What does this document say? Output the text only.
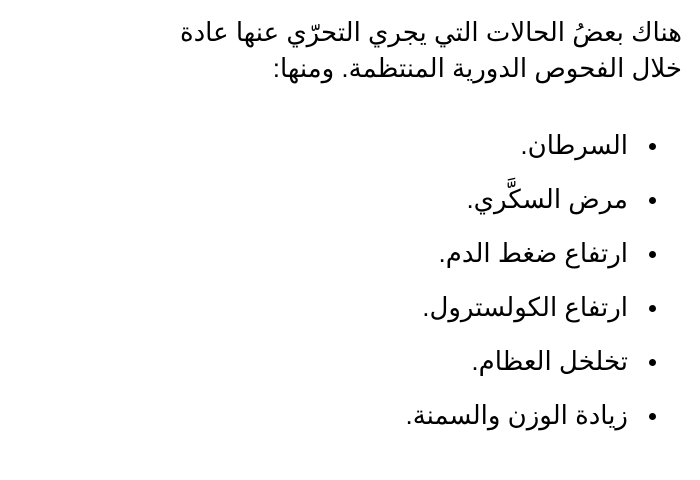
هناك بعضُ الحالات التي يجري التحرّي عنها عادة خلال الفحوص الدورية المنتظمة. ومنها:

السرطان.
مرض السكَّري.
ارتفاع ضغط الدم.
ارتفاع الكولسترول.
تخلخل العظام.
زيادة الوزن والسمنة.
